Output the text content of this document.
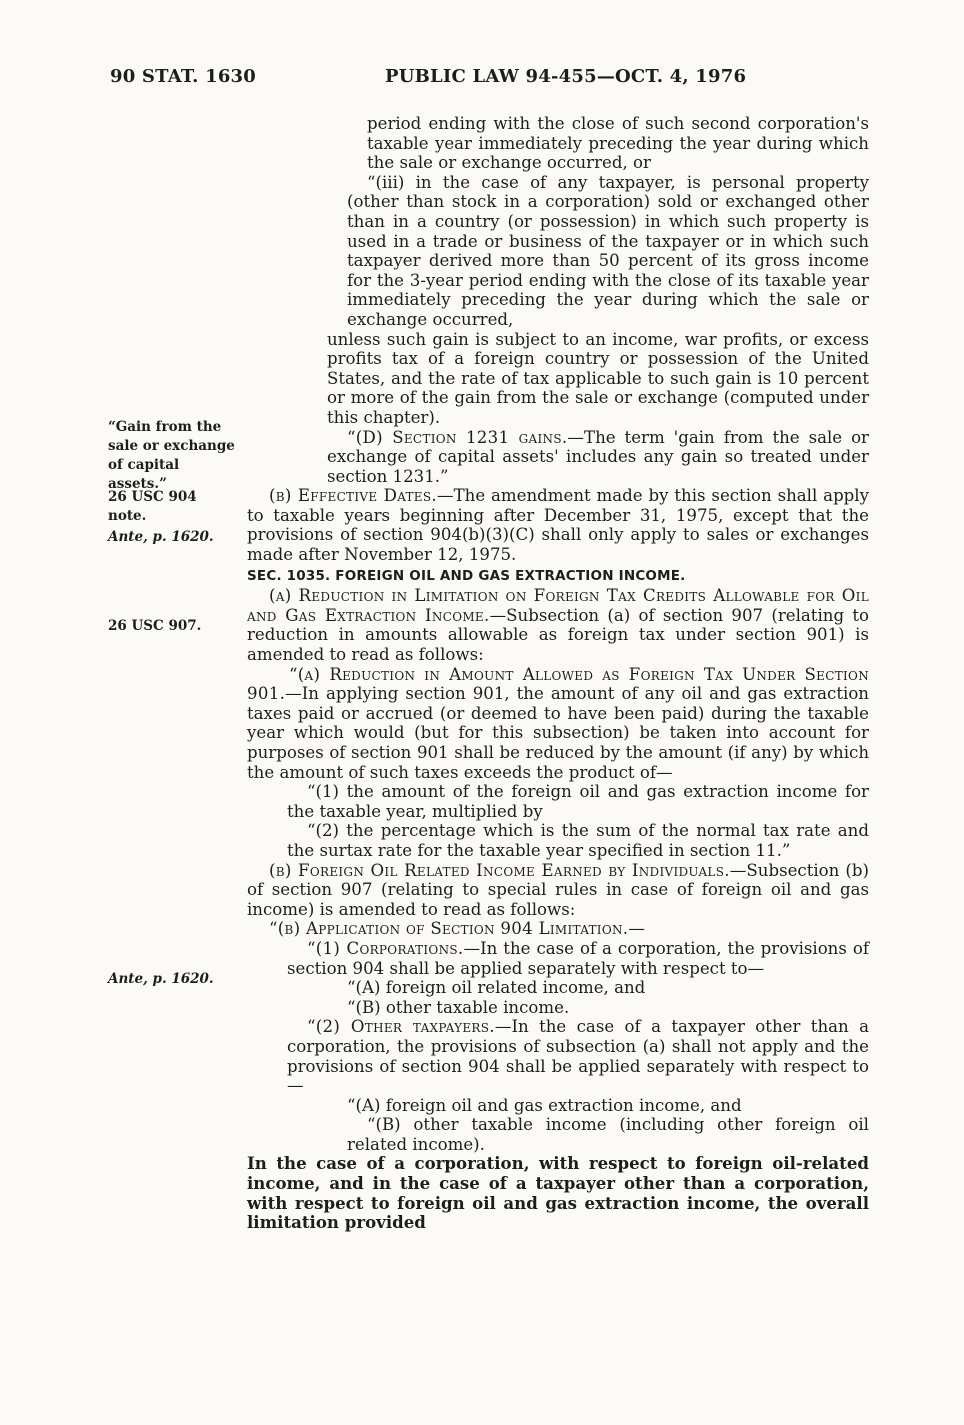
90 STAT. 1630	PUBLIC LAW 94-455—OCT. 4, 1976
“Gain from the
sale or exchange
of capital
assets.”
26 USC 904
note.
Ante, p. 1620.
26 USC 907.
Ante, p. 1620.

period ending with the close of such second corporation's taxable year immediately preceding the year during which the sale or exchange occurred, or

“(iii) in the case of any taxpayer, is personal property (other than stock in a corporation) sold or exchanged other than in a country (or possession) in which such property is used in a trade or business of the taxpayer or in which such taxpayer derived more than 50 percent of its gross income for the 3-year period ending with the close of its taxable year immediately preceding the year during which the sale or exchange occurred,

unless such gain is subject to an income, war profits, or excess profits tax of a foreign country or possession of the United States, and the rate of tax applicable to such gain is 10 percent or more of the gain from the sale or exchange (computed under this chapter).

“(D) Section 1231 gains.—The term 'gain from the sale or exchange of capital assets' includes any gain so treated under section 1231.”

(b) Effective Dates.—The amendment made by this section shall apply to taxable years beginning after December 31, 1975, except that the provisions of section 904(b)(3)(C) shall only apply to sales or exchanges made after November 12, 1975.

SEC. 1035. FOREIGN OIL AND GAS EXTRACTION INCOME.

(a) Reduction in Limitation on Foreign Tax Credits Allowable for Oil and Gas Extraction Income.—Subsection (a) of section 907 (relating to reduction in amounts allowable as foreign tax under section 901) is amended to read as follows:

“(a) Reduction in Amount Allowed as Foreign Tax Under Section 901.—In applying section 901, the amount of any oil and gas extraction taxes paid or accrued (or deemed to have been paid) during the taxable year which would (but for this subsection) be taken into account for purposes of section 901 shall be reduced by the amount (if any) by which the amount of such taxes exceeds the product of—

“(1) the amount of the foreign oil and gas extraction income for the taxable year, multiplied by

“(2) the percentage which is the sum of the normal tax rate and the surtax rate for the taxable year specified in section 11.”

(b) Foreign Oil Related Income Earned by Individuals.—Subsection (b) of section 907 (relating to special rules in case of foreign oil and gas income) is amended to read as follows:

“(b) Application of Section 904 Limitation.—

“(1) Corporations.—In the case of a corporation, the provisions of section 904 shall be applied separately with respect to—

“(A) foreign oil related income, and

“(B) other taxable income.

“(2) Other taxpayers.—In the case of a taxpayer other than a corporation, the provisions of subsection (a) shall not apply and the provisions of section 904 shall be applied separately with respect to—

“(A) foreign oil and gas extraction income, and

“(B) other taxable income (including other foreign oil related income).

In the case of a corporation, with respect to foreign oil-related income, and in the case of a taxpayer other than a corporation, with respect to foreign oil and gas extraction income, the overall limitation provided
